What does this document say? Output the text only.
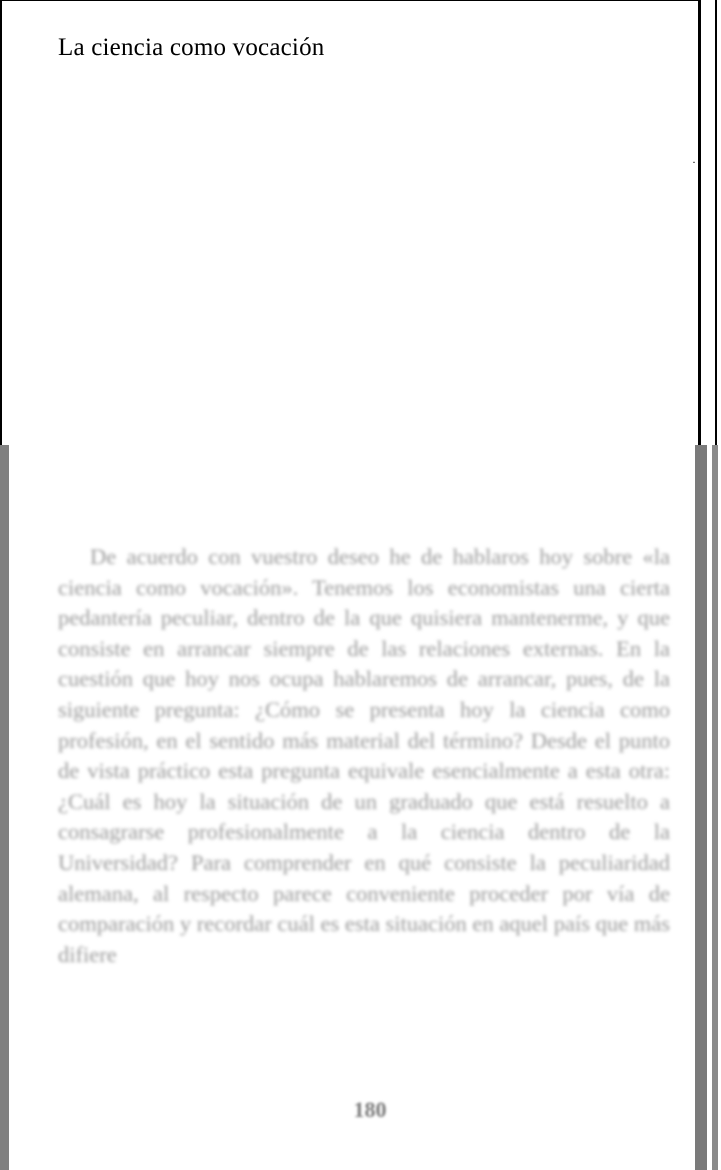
·
La ciencia como vocación
De acuerdo con vuestro deseo he de hablaros hoy sobre «la ciencia como vocación». Tenemos los economistas una cierta pedantería peculiar, dentro de la que quisiera mantenerme, y que consiste en arrancar siempre de las relaciones externas. En la cuestión que hoy nos ocupa hablaremos de arrancar, pues, de la siguiente pregunta: ¿Cómo se presenta hoy la ciencia como profesión, en el sentido más material del término? Desde el punto de vista práctico esta pregunta equivale esencialmente a esta otra: ¿Cuál es hoy la situación de un graduado que está resuelto a consagrarse profesionalmente a la ciencia dentro de la Universidad? Para comprender en qué consiste la peculiaridad alemana, al respecto parece conveniente proceder por vía de comparación y recordar cuál es esta situación en aquel país que más difiere
180
